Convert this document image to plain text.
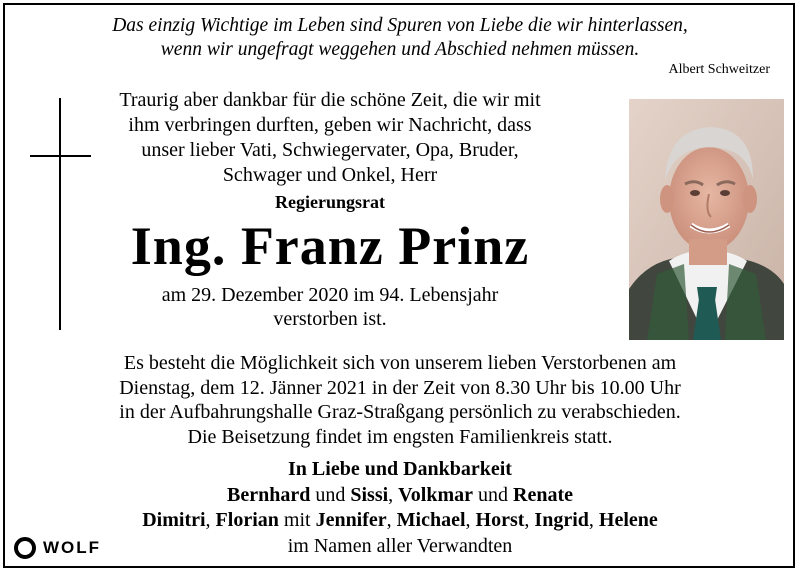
Das einzig Wichtige im Leben sind Spuren von Liebe die wir hinterlassen,
wenn wir ungefragt weggehen und Abschied nehmen müssen.
Albert Schweitzer
Traurig aber dankbar für die schöne Zeit, die wir mit
ihm verbringen durften, geben wir Nachricht, dass
unser lieber Vati, Schwiegervater, Opa, Bruder,
Schwager und Onkel, Herr
Regierungsrat
Ing. Franz Prinz
am 29. Dezember 2020 im 94. Lebensjahr
verstorben ist.
Es besteht die Möglichkeit sich von unserem lieben Verstorbenen am
Dienstag, dem 12. Jänner 2021 in der Zeit von 8.30 Uhr bis 10.00 Uhr
in der Aufbahrungshalle Graz-Straßgang persönlich zu verabschieden.
Die Beisetzung findet im engsten Familienkreis statt.
In Liebe und Dankbarkeit
Bernhard und Sissi, Volkmar und Renate
Dimitri, Florian mit Jennifer, Michael, Horst, Ingrid, Helene
im Namen aller Verwandten
WOLF
